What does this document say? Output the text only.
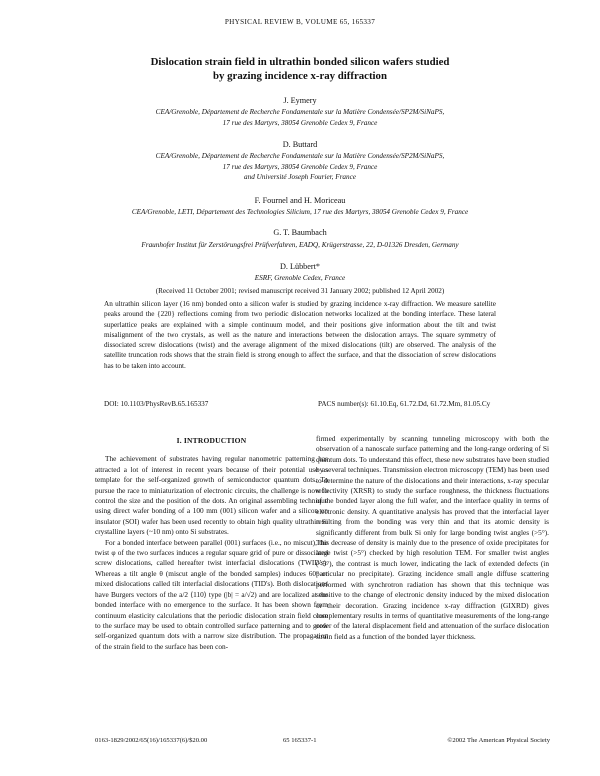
PHYSICAL REVIEW B, VOLUME 65, 165337
Dislocation strain field in ultrathin bonded silicon wafers studied
by grazing incidence x-ray diffraction
J. Eymery
CEA/Grenoble, Département de Recherche Fondamentale sur la Matière Condensée/SP2M/SiNaPS,
17 rue des Martyrs, 38054 Grenoble Cedex 9, France
D. Buttard
CEA/Grenoble, Département de Recherche Fondamentale sur la Matière Condensée/SP2M/SiNaPS,
17 rue des Martyrs, 38054 Grenoble Cedex 9, France
and Université Joseph Fourier, France
F. Fournel and H. Moriceau
CEA/Grenoble, LETI, Département des Technologies Silicium, 17 rue des Martyrs, 38054 Grenoble Cedex 9, France
G. T. Baumbach
Fraunhofer Institut für Zerstörungsfrei Prüfverfahren, EADQ, Krügerstrasse, 22, D-01326 Dresden, Germany
D. Lübbert*
ESRF, Grenoble Cedex, France
(Received 11 October 2001; revised manuscript received 31 January 2002; published 12 April 2002)
An ultrathin silicon layer (16 nm) bonded onto a silicon wafer is studied by grazing incidence x-ray diffraction. We measure satellite peaks around the {220} reflections coming from two periodic dislocation networks localized at the bonding interface. These lateral superlattice peaks are explained with a simple continuum model, and their positions give information about the tilt and twist misalignment of the two crystals, as well as the nature and interactions between the dislocation arrays. The square symmetry of dissociated screw dislocations (twist) and the average alignment of the mixed dislocations (tilt) are observed. The analysis of the satellite truncation rods shows that the strain field is strong enough to affect the surface, and that the dissociation of screw dislocations has to be taken into account.
DOI: 10.1103/PhysRevB.65.165337	PACS number(s): 61.10.Eq, 61.72.Dd, 61.72.Mm, 81.05.Cy
I. INTRODUCTION

The achievement of substrates having regular nanometric patterning has attracted a lot of interest in recent years because of their potential use as template for the self-organized growth of semiconductor quantum dots. To pursue the race to miniaturization of electronic circuits, the challenge is now to control the size and the position of the dots. An original assembling technique using direct wafer bonding of a 100 mm (001) silicon wafer and a silicon on insulator (SOI) wafer has been used recently to obtain high quality ultrathin Si crystalline layers (~10 nm) onto Si substrates.

For a bonded interface between parallel (001) surfaces (i.e., no miscut), the twist φ of the two surfaces induces a regular square grid of pure or dissociated screw dislocations, called hereafter twist interfacial dislocations (TWID's). Whereas a tilt angle θ (miscut angle of the bonded samples) induces 60° or mixed dislocations called tilt interfacial dislocations (TID's). Both dislocations have Burgers vectors of the a/2 ⟨110⟩ type (|b| = a/√2) and are localized at the bonded interface with no emergence to the surface. It has been shown from continuum elasticity calculations that the periodic dislocation strain field close to the surface may be used to obtain controlled surface patterning and to grow self-organized quantum dots with a narrow size distribution. The propagation of the strain field to the surface has been con-

firmed experimentally by scanning tunneling microscopy with both the observation of a nanoscale surface patterning and the long-range ordering of Si quantum dots. To understand this effect, these new substrates have been studied by several techniques. Transmission electron microscopy (TEM) has been used to determine the nature of the dislocations and their interactions, x-ray specular reflectivity (XRSR) to study the surface roughness, the thickness fluctuations of the bonded layer along the full wafer, and the interface quality in terms of electronic density. A quantitative analysis has proved that the interfacial layer resulting from the bonding was very thin and that its atomic density is significantly different from bulk Si only for large bonding twist angles (>5°). This decrease of density is mainly due to the presence of oxide precipitates for large twist (>5°) checked by high resolution TEM. For smaller twist angles (<5°), the contrast is much lower, indicating the lack of extended defects (in particular no precipitate). Grazing incidence small angle diffuse scattering performed with synchrotron radiation has shown that this technique was sensitive to the change of electronic density induced by the mixed dislocation or their decoration. Grazing incidence x-ray diffraction (GIXRD) gives complementary results in terms of quantitative measurements of the long-range order of the lateral displacement field and attenuation of the surface dislocation strain field as a function of the bonded layer thickness.

0163-1829/2002/65(16)/165337(6)/$20.00	65 165337-1	©2002 The American Physical Society
